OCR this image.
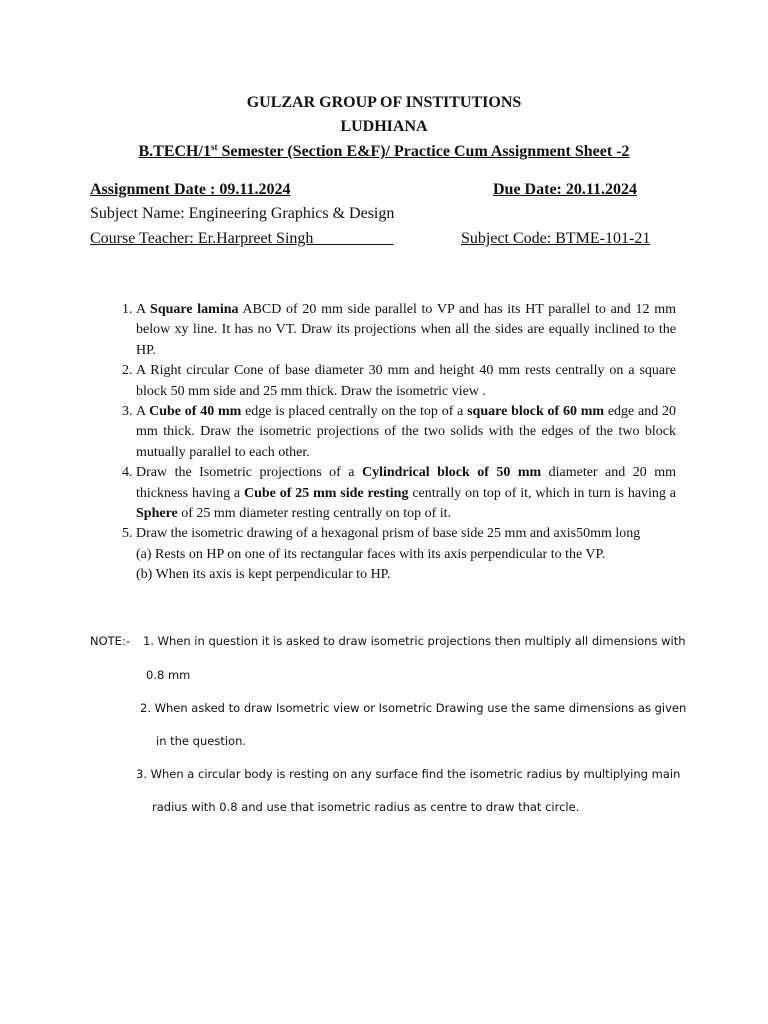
GULZAR GROUP OF INSTITUTIONS
LUDHIANA
B.TECH/1st Semester (Section E&F)/ Practice Cum Assignment Sheet -2
Assignment Date : 09.11.2024	Due Date: 20.11.2024
Subject Name: Engineering Graphics & Design
Course Teacher: Er.Harpreet Singh	Subject Code: BTME-101-21
1. A Square lamina ABCD of 20 mm side parallel to VP and has its HT parallel to and 12 mm below xy line. It has no VT. Draw its projections when all the sides are equally inclined to the HP.
2. A Right circular Cone of base diameter 30 mm and height 40 mm rests centrally on a square block 50 mm side and 25 mm thick. Draw the isometric view .
3. A Cube of 40 mm edge is placed centrally on the top of a square block of 60 mm edge and 20 mm thick. Draw the isometric projections of the two solids with the edges of the two block mutually parallel to each other.
4. Draw the Isometric projections of a Cylindrical block of 50 mm diameter and 20 mm thickness having a Cube of 25 mm side resting centrally on top of it, which in turn is having a Sphere of 25 mm diameter resting centrally on top of it.
5. Draw the isometric drawing of a hexagonal prism of base side 25 mm and axis50mm long
(a) Rests on HP on one of its rectangular faces with its axis perpendicular to the VP.
(b) When its axis is kept perpendicular to HP.
NOTE:- 1. When in question it is asked to draw isometric projections then multiply all dimensions with
0.8 mm
2. When asked to draw Isometric view or Isometric Drawing use the same dimensions as given
in the question.
3. When a circular body is resting on any surface find the isometric radius by multiplying main
radius with 0.8 and use that isometric radius as centre to draw that circle.
